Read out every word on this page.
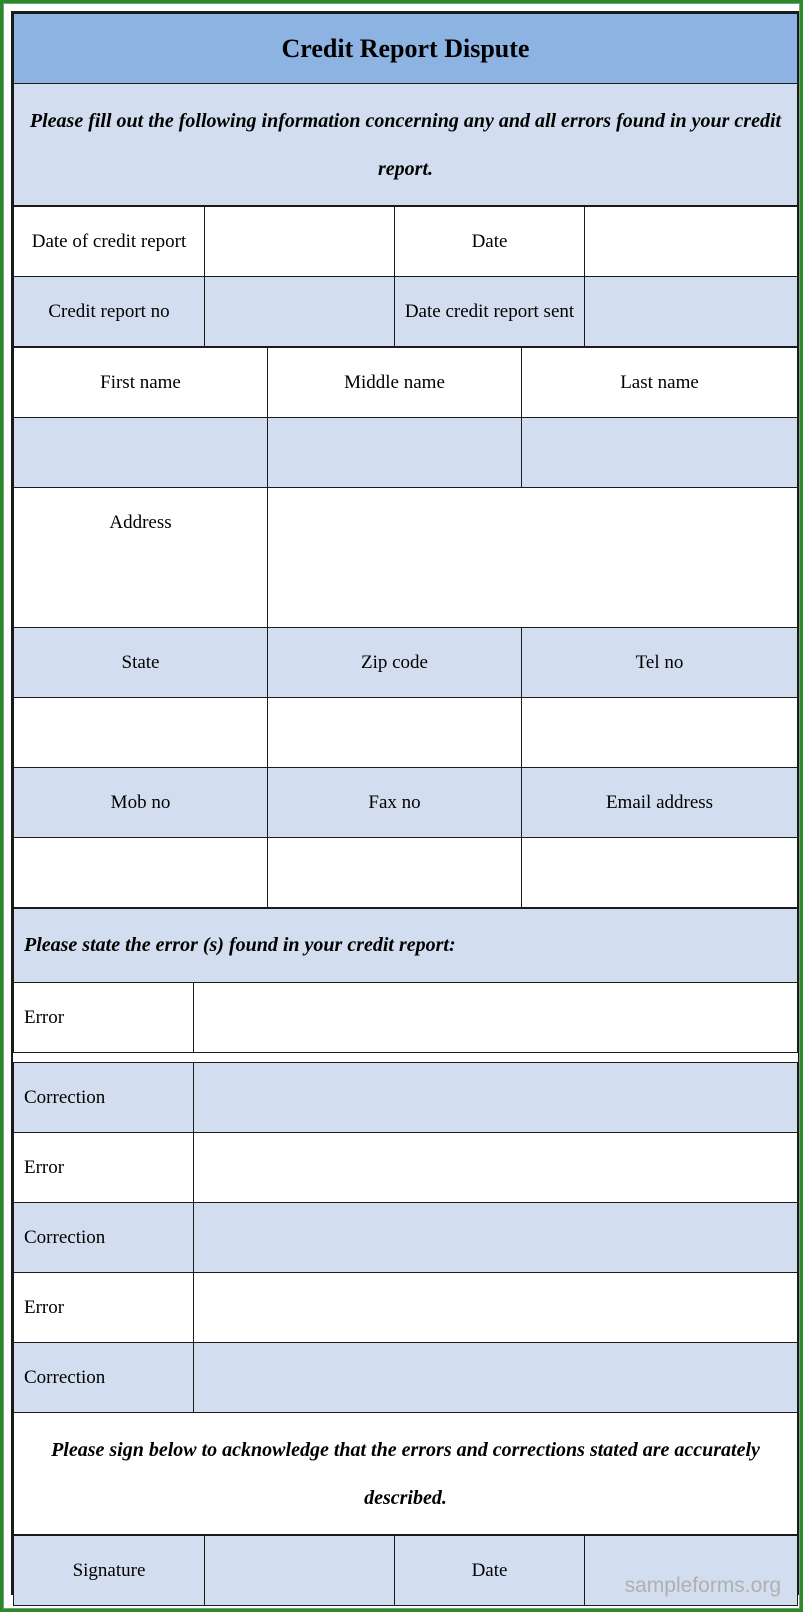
Credit Report Dispute
Please fill out the following information concerning any and all errors found in your credit report.
Date of credit report		Date	
Credit report no		Date credit report sent	
First name	Middle name	Last name

Address		
State	Zip code	Tel no

Mob no	Fax no	Email address

Please state the error (s) found in your credit report:	
Error	

Correction	
Error	
Correction	
Error	
Correction	
Please sign below to acknowledge that the errors and corrections stated are accurately described.	
Signature		Date	
sampleforms.org
